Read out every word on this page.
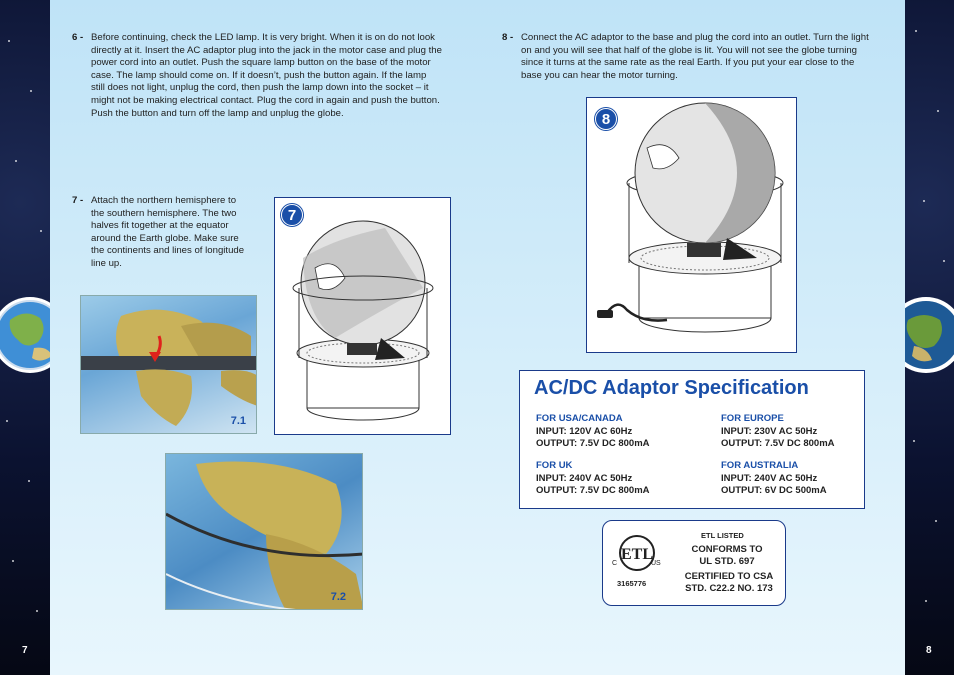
6 - Before continuing, check the LED lamp. It is very bright. When it is on do not look directly at it. Insert the AC adaptor plug into the jack in the motor case and plug the power cord into an outlet. Push the square lamp button on the base of the motor case. The lamp should come on. If it doesn’t, push the button again. If the lamp still does not light, unplug the cord, then push the lamp down into the socket – it might not be making electrical contact. Plug the cord in again and push the button. Push the button and turn off the lamp and unplug the globe.
7 - Attach the northern hemisphere to the southern hemisphere. The two halves fit together at the equator around the Earth globe. Make sure the continents and lines of longitude line up.
7.1
7
7.2
7
8 - Connect the AC adaptor to the base and plug the cord into an outlet. Turn the light on and you will see that half of the globe is lit. You will not see the globe turning since it turns at the same rate as the real Earth. If you put your ear close to the base you can hear the motor turning.
8
AC/DC Adaptor Specification
FOR USA/CANADA
INPUT: 120V AC 60Hz
OUTPUT: 7.5V DC 800mA
FOR EUROPE
INPUT: 230V AC 50Hz
OUTPUT: 7.5V DC 800mA
FOR UK
INPUT: 240V AC 50Hz
OUTPUT: 7.5V DC 800mA
FOR AUSTRALIA
INPUT: 240V AC 50Hz
OUTPUT: 6V DC 500mA
ETL
C	US
ETL LISTED
CONFORMS TO
UL STD. 697
CERTIFIED TO CSA
STD. C22.2 NO. 173
3165776
8
